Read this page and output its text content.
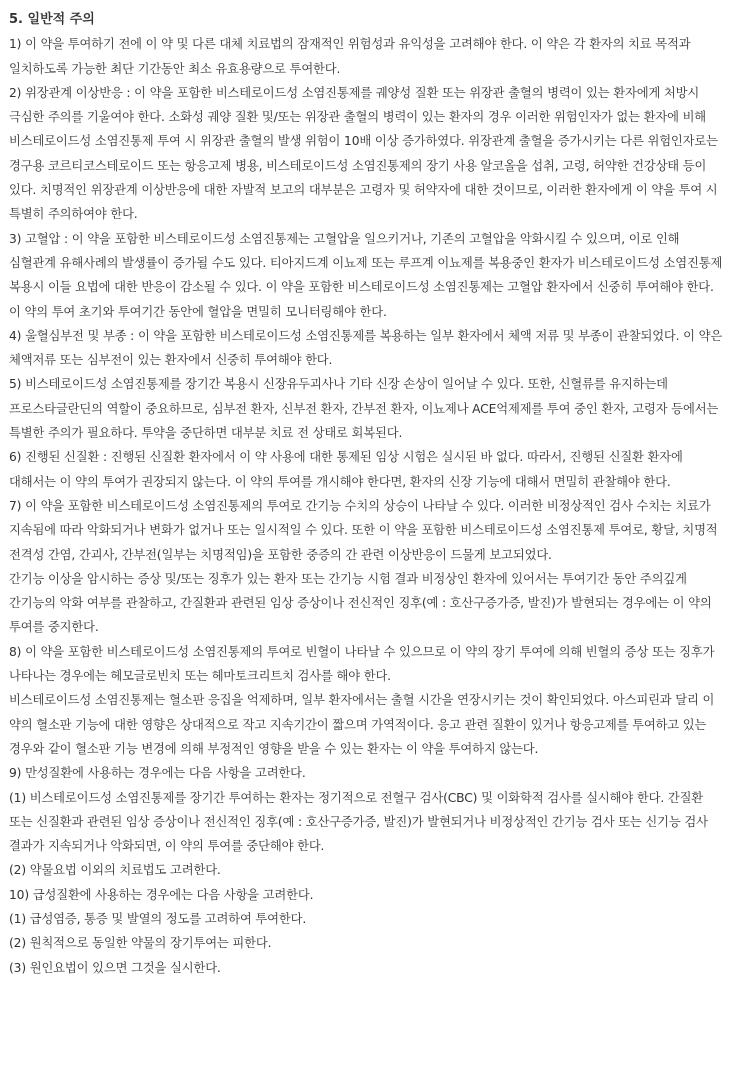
5. 일반적 주의

1) 이 약을 투여하기 전에 이 약 및 다른 대체 치료법의 잠재적인 위험성과 유익성을 고려해야 한다. 이 약은 각 환자의 치료 목적과 일치하도록 가능한 최단 기간동안 최소 유효용량으로 투여한다.

2) 위장관계 이상반응 : 이 약을 포함한 비스테로이드성 소염진통제를 궤양성 질환 또는 위장관 출혈의 병력이 있는 환자에게 처방시 극심한 주의를 기울여야 한다. 소화성 궤양 질환 및/또는 위장관 출혈의 병력이 있는 환자의 경우 이러한 위험인자가 없는 환자에 비해 비스테로이드성 소염진통제 투여 시 위장관 출혈의 발생 위험이 10배 이상 증가하였다. 위장관계 출혈을 증가시키는 다른 위험인자로는 경구용 코르티코스테로이드 또는 항응고제 병용, 비스테로이드성 소염진통제의 장기 사용 알코올을 섭취, 고령, 허약한 건강상태 등이 있다. 치명적인 위장관계 이상반응에 대한 자발적 보고의 대부분은 고령자 및 허약자에 대한 것이므로, 이러한 환자에게 이 약을 투여 시 특별히 주의하여야 한다.

3) 고혈압 : 이 약을 포함한 비스테로이드성 소염진통제는 고혈압을 일으키거나, 기존의 고혈압을 악화시킬 수 있으며, 이로 인해 심혈관계 유해사례의 발생률이 증가될 수도 있다. 티아지드계 이뇨제 또는 루프계 이뇨제를 복용중인 환자가 비스테로이드성 소염진통제 복용시 이들 요법에 대한 반응이 감소될 수 있다. 이 약을 포함한 비스테로이드성 소염진통제는 고혈압 환자에서 신중히 투여해야 한다. 이 약의 투여 초기와 투여기간 동안에 혈압을 면밀히 모니터링해야 한다.

4) 울혈심부전 및 부종 : 이 약을 포함한 비스테로이드성 소염진통제를 복용하는 일부 환자에서 체액 저류 및 부종이 관찰되었다. 이 약은 체액저류 또는 심부전이 있는 환자에서 신중히 투여해야 한다.

5) 비스테로이드성 소염진통제를 장기간 복용시 신장유두괴사나 기타 신장 손상이 일어날 수 있다. 또한, 신혈류를 유지하는데 프로스타글란딘의 역할이 중요하므로, 심부전 환자, 신부전 환자, 간부전 환자, 이뇨제나 ACE억제제를 투여 중인 환자, 고령자 등에서는 특별한 주의가 필요하다. 투약을 중단하면 대부분 치료 전 상태로 회복된다.

6) 진행된 신질환 : 진행된 신질환 환자에서 이 약 사용에 대한 통제된 임상 시험은 실시된 바 없다. 따라서, 진행된 신질환 환자에 대해서는 이 약의 투여가 권장되지 않는다. 이 약의 투여를 개시해야 한다면, 환자의 신장 기능에 대해서 면밀히 관찰해야 한다.

7) 이 약을 포함한 비스테로이드성 소염진통제의 투여로 간기능 수치의 상승이 나타날 수 있다. 이러한 비정상적인 검사 수치는 치료가 지속됨에 따라 악화되거나 변화가 없거나 또는 일시적일 수 있다. 또한 이 약을 포함한 비스테로이드성 소염진통제 투여로, 황달, 치명적 전격성 간염, 간괴사, 간부전(일부는 치명적임)을 포함한 중증의 간 관련 이상반응이 드물게 보고되었다.

간기능 이상을 암시하는 증상 및/또는 징후가 있는 환자 또는 간기능 시험 결과 비정상인 환자에 있어서는 투여기간 동안 주의깊게 간기능의 악화 여부를 관찰하고, 간질환과 관련된 임상 증상이나 전신적인 징후(예 : 호산구증가증, 발진)가 발현되는 경우에는 이 약의 투여를 중지한다.

8) 이 약을 포함한 비스테로이드성 소염진통제의 투여로 빈혈이 나타날 수 있으므로 이 약의 장기 투여에 의해 빈혈의 증상 또는 징후가 나타나는 경우에는 헤모글로빈치 또는 헤마토크리트치 검사를 해야 한다.

비스테로이드성 소염진통제는 혈소판 응집을 억제하며, 일부 환자에서는 출혈 시간을 연장시키는 것이 확인되었다. 아스피린과 달리 이 약의 혈소판 기능에 대한 영향은 상대적으로 작고 지속기간이 짧으며 가역적이다. 응고 관련 질환이 있거나 항응고제를 투여하고 있는 경우와 같이 혈소판 기능 변경에 의해 부정적인 영향을 받을 수 있는 환자는 이 약을 투여하지 않는다.

9) 만성질환에 사용하는 경우에는 다음 사항을 고려한다.

(1) 비스테로이드성 소염진통제를 장기간 투여하는 환자는 정기적으로 전혈구 검사(CBC) 및 이화학적 검사를 실시해야 한다. 간질환 또는 신질환과 관련된 임상 증상이나 전신적인 징후(예 : 호산구증가증, 발진)가 발현되거나 비정상적인 간기능 검사 또는 신기능 검사 결과가 지속되거나 악화되면, 이 약의 투여를 중단해야 한다.

(2) 약물요법 이외의 치료법도 고려한다.

10) 급성질환에 사용하는 경우에는 다음 사항을 고려한다.

(1) 급성염증, 통증 및 발열의 정도를 고려하여 투여한다.

(2) 원칙적으로 동일한 약물의 장기투여는 피한다.

(3) 원인요법이 있으면 그것을 실시한다.
